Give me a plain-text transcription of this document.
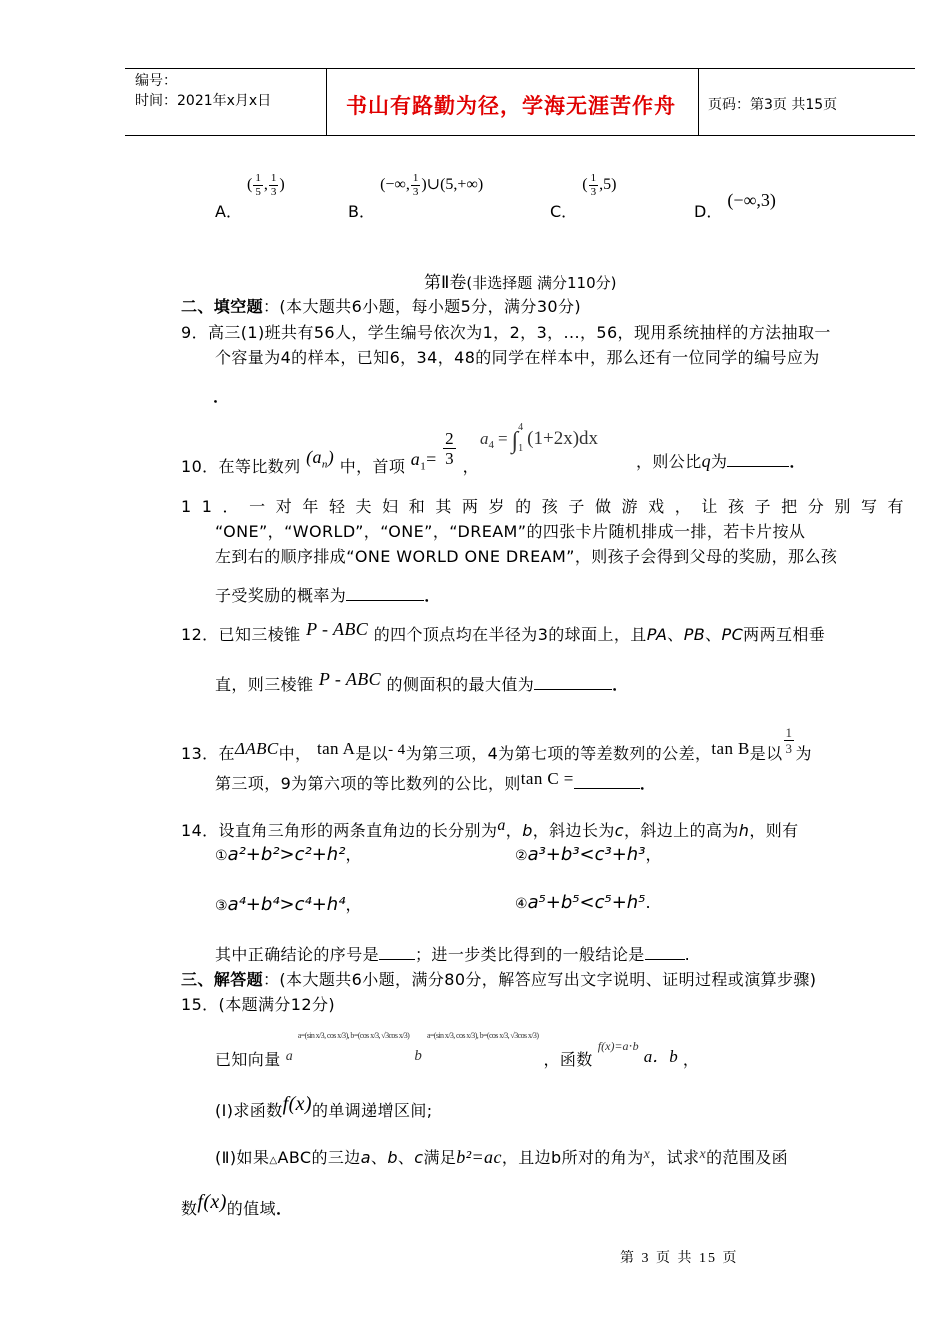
编号：
时间：2021年x月x日	书山有路勤为径，学海无涯苦作舟 页码：第3页 共15页
A． ( $\frac{1}{5}$ , $\frac{1}{3}$ )
B． (−∞, $\frac{1}{3}$ )∪(5,+∞)
C． ( $\frac{1}{3} ,5$)
D． (−∞,3)
第Ⅱ卷(非选择题 满分110分)
二、填空题：(本大题共6小题，每小题5分，满分30分)
9．高三(1)班共有56人，学生编号依次为1，2，3，...，56，现用系统抽样的方法抽取一
个容量为4的样本，已知6，34，48的同学在样本中，那么还有一位同学的编号应为
．
10．在等比数列 $(a_n)$ 中，首项 $a_1= \frac{2}{3}$ ，
$a_4$ = ∫
4
1 (1+2x)dx
，则公比q为	．
11．一对年轻夫妇和其两岁的孩子做游戏，让孩子把分别写有
“ONE”，“WORLD”，“ONE”，“DREAM”的四张卡片随机排成一排，若卡片按从
左到右的顺序排成“ONE WORLD ONE DREAM”，则孩子会得到父母的奖励，那么孩
子受奖励的概率为	．
12．已知三棱锥 P - ABC 的四个顶点均在半径为3的球面上，且PA、PB、PC两两互相垂
直，则三棱锥 P - ABC 的侧面积的最大值为	．
13．在ΔABC中， tan A是以- 4为第三项，4为第七项的等差数列的公差，tan B是以 $\frac{1}{3}$ 为
第三项，9为第六项的等比数列的公比，则tan C =	．
14．设直角三角形的两条直角边的长分别为a，b，斜边长为c，斜边上的高为h，则有
①a²+b²>c²+h²，	②a³+b³<c³+h³，
③a⁴+b⁴>c⁴+h⁴，	④a⁵+b⁵<c⁵+h⁵.
其中正确结论的序号是 ；进一步类比得到的一般结论是	.
三、解答题：(本大题共6小题，满分80分，解答应写出文字说明、证明过程或演算步骤)
15．(本题满分12分)
已知向量 a a=(sin x/3, cos x/3), b=(cos x/3, √3cos x/3) b a=(sin x/3, cos x/3), b=(cos x/3, √3cos x/3) ，函数 $_{f(x)=a\cdot b}$ a．b ，
(Ⅰ)求函数f(x)的单调递增区间;
(Ⅱ)如果△ABC的三边a、b、c满足b²=ac，且边b所对的角为x，试求x的范围及函
数f(x)的值域．
第 3 页 共 15 页
